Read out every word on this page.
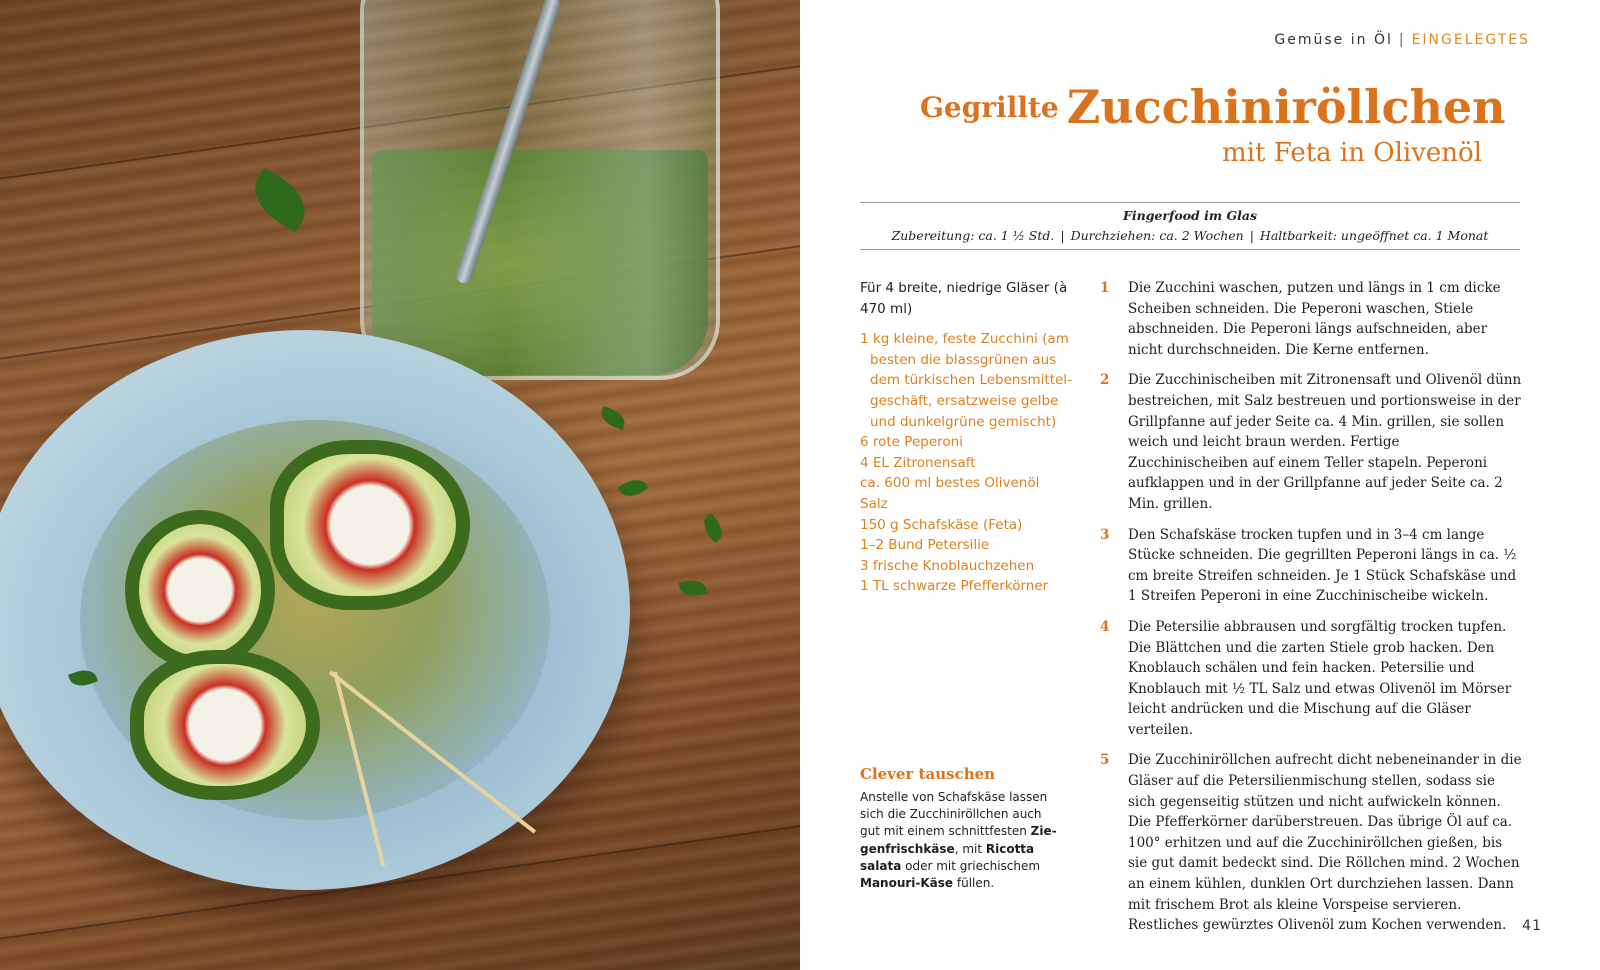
Gemüse in Öl | EINGELEGTES
Gegrillte Zucchiniröllchen
mit Feta in Olivenöl
Fingerfood im Glas
Zubereitung: ca. 1 ½ Std. | Durchziehen: ca. 2 Wochen | Haltbarkeit: ungeöffnet ca. 1 Monat
Für 4 breite, niedrige Gläser (à 470 ml)
1 kg kleine, feste Zucchini (am besten die blassgrünen aus dem türkischen Lebensmittelgeschäft, ersatzweise gelbe und dunkelgrüne gemischt)
6 rote Peperoni
4 EL Zitronensaft
ca. 600 ml bestes Olivenöl
Salz
150 g Schafskäse (Feta)
1–2 Bund Petersilie
3 frische Knoblauchzehen
1 TL schwarze Pfefferkörner
Clever tauschen
Anstelle von Schafskäse lassen sich die Zucchiniröllchen auch gut mit einem schnittfesten Ziegenfrischkäse, mit Ricotta salata oder mit griechischem Manouri-Käse füllen.
1 Die Zucchini waschen, putzen und längs in 1 cm dicke Scheiben schneiden. Die Peperoni waschen, Stiele abschneiden. Die Peperoni längs aufschneiden, aber nicht durchschneiden. Die Kerne entfernen.
2 Die Zucchinischeiben mit Zitronensaft und Olivenöl dünn bestreichen, mit Salz bestreuen und portionsweise in der Grillpfanne auf jeder Seite ca. 4 Min. grillen, sie sollen weich und leicht braun werden. Fertige Zucchinischeiben auf einem Teller stapeln. Peperoni aufklappen und in der Grillpfanne auf jeder Seite ca. 2 Min. grillen.
3 Den Schafskäse trocken tupfen und in 3–4 cm lange Stücke schneiden. Die gegrillten Peperoni längs in ca. ½ cm breite Streifen schneiden. Je 1 Stück Schafskäse und 1 Streifen Peperoni in eine Zucchinischeibe wickeln.
4 Die Petersilie abbrausen und sorgfältig trocken tupfen. Die Blättchen und die zarten Stiele grob hacken. Den Knoblauch schälen und fein hacken. Petersilie und Knoblauch mit ½ TL Salz und etwas Olivenöl im Mörser leicht andrücken und die Mischung auf die Gläser verteilen.
5 Die Zucchiniröllchen aufrecht dicht nebeneinander in die Gläser auf die Petersilienmischung stellen, sodass sie sich gegenseitig stützen und nicht aufwickeln können. Die Pfefferkörner darüberstreuen. Das übrige Öl auf ca. 100° erhitzen und auf die Zucchiniröllchen gießen, bis sie gut damit bedeckt sind. Die Röllchen mind. 2 Wochen an einem kühlen, dunklen Ort durchziehen lassen. Dann mit frischem Brot als kleine Vorspeise servieren. Restliches gewürztes Olivenöl zum Kochen verwenden.	41
